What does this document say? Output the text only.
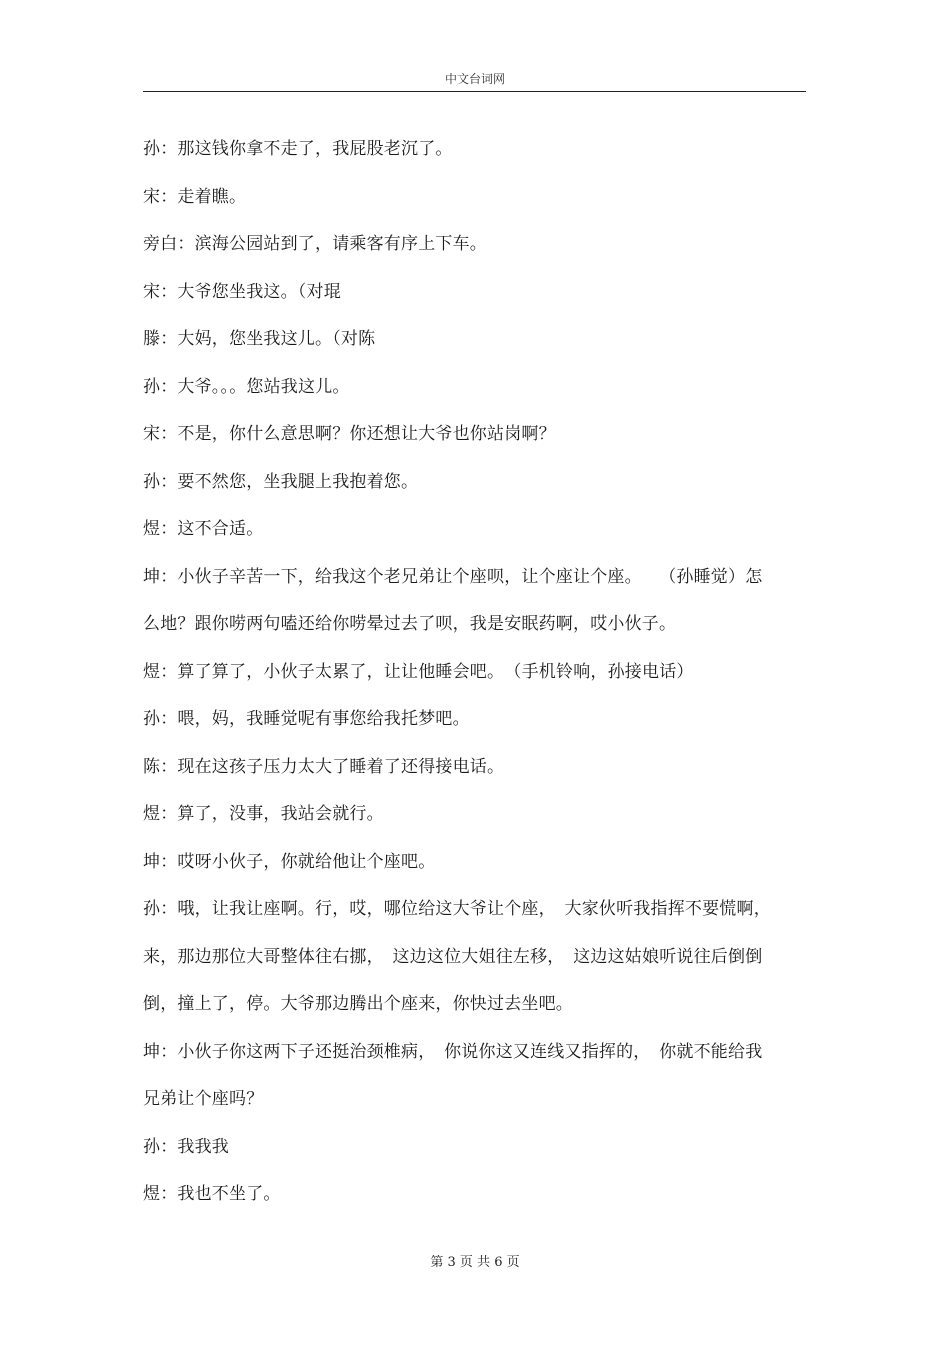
中文台词网
孙：那这钱你拿不走了，我屁股老沉了。
宋：走着瞧。
旁白：滨海公园站到了，请乘客有序上下车。
宋：大爷您坐我这。（对琨
滕：大妈，您坐我这儿。（对陈
孙：大爷。。。您站我这儿。
宋：不是，你什么意思啊？你还想让大爷也你站岗啊？
孙：要不然您，坐我腿上我抱着您。
煜：这不合适。
坤：小伙子辛苦一下，给我这个老兄弟让个座呗，让个座让个座。　　（孙睡觉）怎
么地？跟你唠两句嗑还给你唠晕过去了呗，我是安眠药啊，哎小伙子。
煜：算了算了，小伙子太累了，让让他睡会吧。　（手机铃响，孙接电话）
孙：喂，妈，我睡觉呢有事您给我托梦吧。
陈：现在这孩子压力太大了睡着了还得接电话。
煜：算了，没事，我站会就行。
坤：哎呀小伙子，你就给他让个座吧。
孙：哦，让我让座啊。行，哎，哪位给这大爷让个座，　大家伙听我指挥不要慌啊，
来，那边那位大哥整体往右挪，　这边这位大姐往左移，　这边这姑娘听说往后倒倒
倒，撞上了，停。大爷那边腾出个座来，你快过去坐吧。
坤：小伙子你这两下子还挺治颈椎病，　你说你这又连线又指挥的，　你就不能给我
兄弟让个座吗？
孙：我我我
煜：我也不坐了。
第 3 页 共 6 页
